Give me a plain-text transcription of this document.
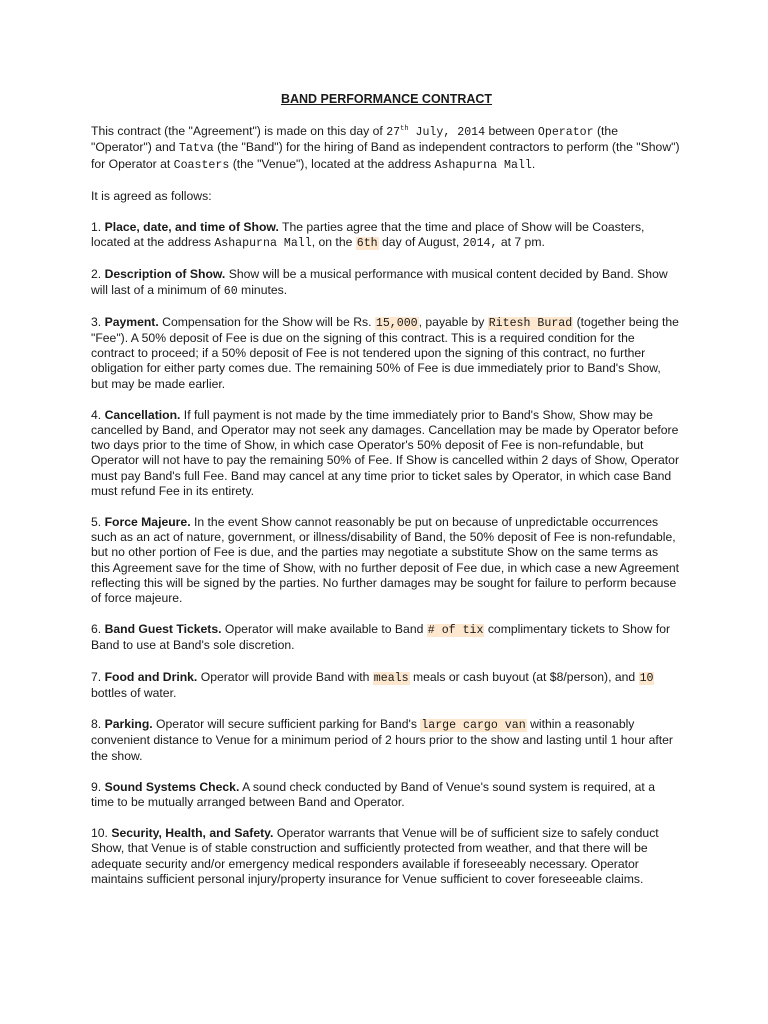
BAND PERFORMANCE CONTRACT

This contract (the "Agreement") is made on this day of 27th July, 2014 between Operator (the "Operator") and Tatva (the "Band") for the hiring of Band as independent contractors to perform (the "Show") for Operator at Coasters (the "Venue"), located at the address Ashapurna Mall.

It is agreed as follows:

1. Place, date, and time of Show. The parties agree that the time and place of Show will be Coasters, located at the address Ashapurna Mall, on the 6th day of August, 2014, at 7 pm.

2. Description of Show. Show will be a musical performance with musical content decided by Band. Show will last of a minimum of 60 minutes.

3. Payment. Compensation for the Show will be Rs. 15,000, payable by Ritesh Burad (together being the "Fee"). A 50% deposit of Fee is due on the signing of this contract. This is a required condition for the contract to proceed; if a 50% deposit of Fee is not tendered upon the signing of this contract, no further obligation for either party comes due. The remaining 50% of Fee is due immediately prior to Band's Show, but may be made earlier.

4. Cancellation. If full payment is not made by the time immediately prior to Band's Show, Show may be cancelled by Band, and Operator may not seek any damages. Cancellation may be made by Operator before two days prior to the time of Show, in which case Operator's 50% deposit of Fee is non-refundable, but Operator will not have to pay the remaining 50% of Fee. If Show is cancelled within 2 days of Show, Operator must pay Band's full Fee. Band may cancel at any time prior to ticket sales by Operator, in which case Band must refund Fee in its entirety.

5. Force Majeure. In the event Show cannot reasonably be put on because of unpredictable occurrences such as an act of nature, government, or illness/disability of Band, the 50% deposit of Fee is non-refundable, but no other portion of Fee is due, and the parties may negotiate a substitute Show on the same terms as this Agreement save for the time of Show, with no further deposit of Fee due, in which case a new Agreement reflecting this will be signed by the parties. No further damages may be sought for failure to perform because of force majeure.

6. Band Guest Tickets. Operator will make available to Band # of tix complimentary tickets to Show for Band to use at Band's sole discretion.

7. Food and Drink. Operator will provide Band with meals meals or cash buyout (at $8/person), and 10 bottles of water.

8. Parking. Operator will secure sufficient parking for Band's large cargo van within a reasonably convenient distance to Venue for a minimum period of 2 hours prior to the show and lasting until 1 hour after the show.

9. Sound Systems Check. A sound check conducted by Band of Venue's sound system is required, at a time to be mutually arranged between Band and Operator.

10. Security, Health, and Safety. Operator warrants that Venue will be of sufficient size to safely conduct Show, that Venue is of stable construction and sufficiently protected from weather, and that there will be adequate security and/or emergency medical responders available if foreseeably necessary. Operator maintains sufficient personal injury/property insurance for Venue sufficient to cover foreseeable claims.
